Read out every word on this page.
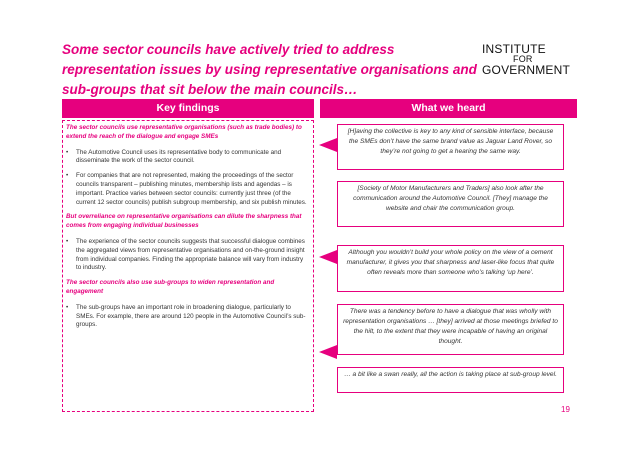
Some sector councils have actively tried to address representation issues by using representative organisations and sub-groups that sit below the main councils…
INSTITUTE
FOR
GOVERNMENT
Key findings	What we heard

The sector councils use representative organisations (such as trade bodies) to extend the reach of the dialogue and engage SMEs

•	The Automotive Council uses its representative body to communicate and disseminate the work of the sector council.
•	For companies that are not represented, making the proceedings of the sector councils transparent – publishing minutes, membership lists and agendas – is important. Practice varies between sector councils: currently just three (of the current 12 sector councils) publish subgroup membership, and six publish minutes.

But overreliance on representative organisations can dilute the sharpness that comes from engaging individual businesses

•	The experience of the sector councils suggests that successful dialogue combines the aggregated views from representative organisations and on-the-ground insight from individual companies. Finding the appropriate balance will vary from industry to industry.

The sector councils also use sub-groups to widen representation and engagement

•	The sub-groups have an important role in broadening dialogue, particularly to SMEs. For example, there are around 120 people in the Automotive Council’s sub-groups.
[H]aving the collective is key to any kind of sensible interface, because the SMEs don’t have the same brand value as Jaguar Land Rover, so they’re not going to get a hearing the same way.
[Society of Motor Manufacturers and Traders] also look after the communication around the Automotive Council. [They] manage the website and chair the communication group.
Although you wouldn’t build your whole policy on the view of a cement manufacturer, it gives you that sharpness and laser-like focus that quite often reveals more than someone who’s talking ‘up here’.
There was a tendency before to have a dialogue that was wholly with representation organisations … [they] arrived at those meetings briefed to the hilt, to the extent that they were incapable of having an original thought.
… a bit like a swan really, all the action is taking place at sub-group level.
19
